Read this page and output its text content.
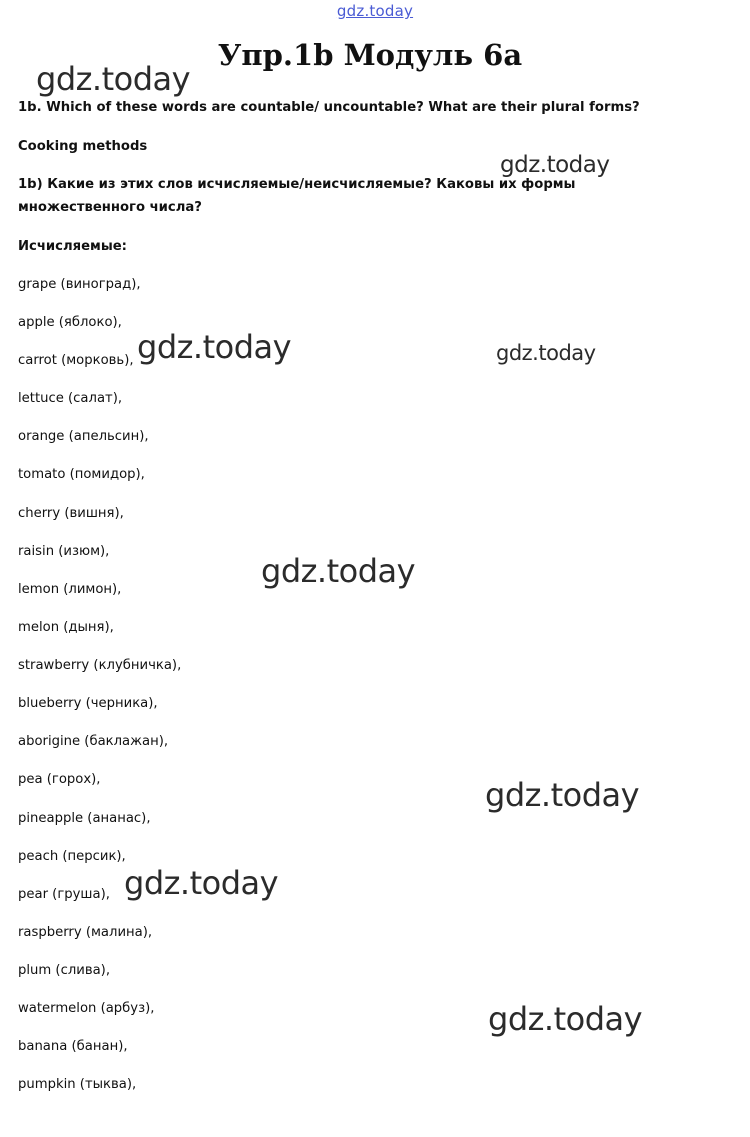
gdz.today
Упр.1b Модуль 6а
1b. Which of these words are countable/ uncountable? What are their plural forms?
Cooking methods
1b) Какие из этих слов исчисляемые/неисчисляемые? Каковы их формы множественного числа?
Исчисляемые:
grape (виноград),
apple (яблоко),
carrot (морковь),
lettuce (салат),
orange (апельсин),
tomato (помидор),
cherry (вишня),
raisin (изюм),
lemon (лимон),
melon (дыня),
strawberry (клубничка),
blueberry (черника),
aborigine (баклажан),
pea (горох),
pineapple (ананас),
peach (персик),
pear (груша),
raspberry (малина),
plum (слива),
watermelon (арбуз),
banana (банан),
pumpkin (тыква),
gdz.today
gdz.today
gdz.today	gdz.today
gdz.today
gdz.today
gdz.today
gdz.today
